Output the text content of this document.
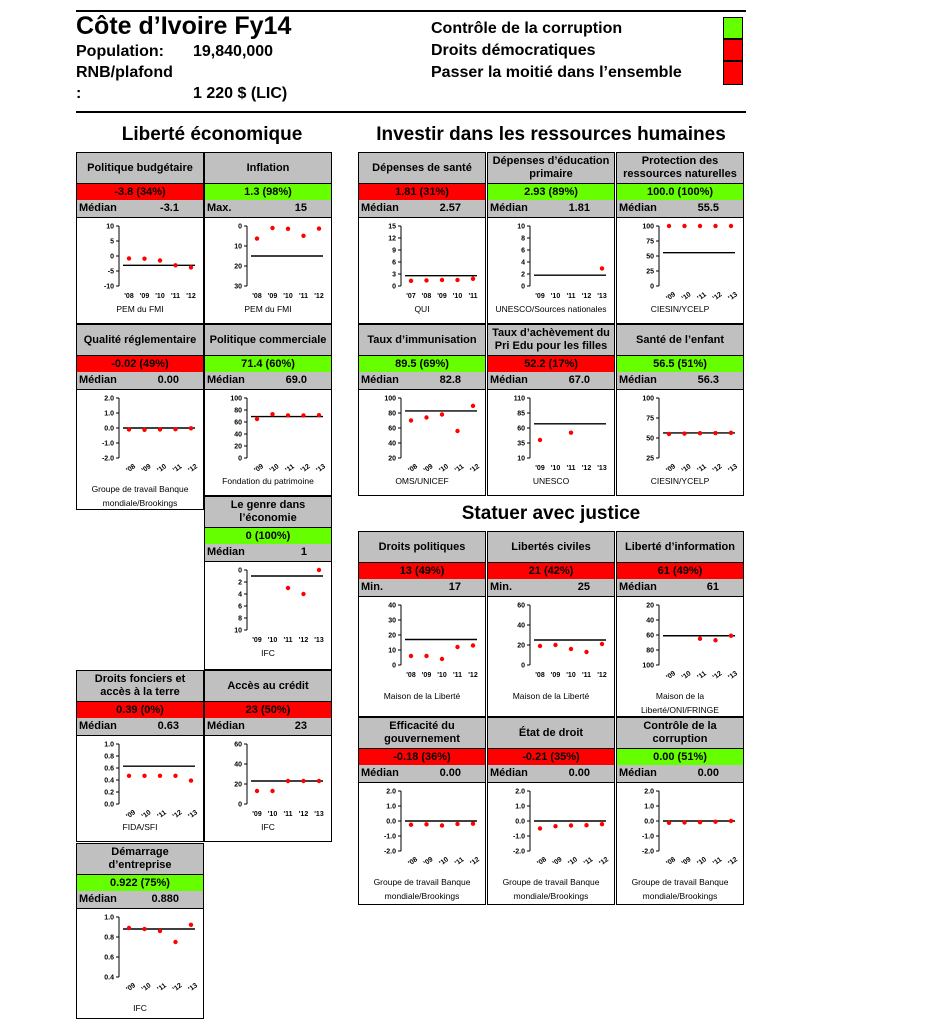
Côte d’Ivoire Fy14
Population: 19,840,000
RNB/plafond
:	1 220 $ (LIC)
Contrôle de la corruption
Droits démocratiques
Passer la moitié dans l’ensemble
Liberté économique	Investir dans les ressources humaines
Statuer avec justice
Politique budgétaire
-3.8 (34%)
Médian	-3.1
10
5
0
-5
-10
'08 '09 '10 '11 '12
PEM du FMI
Inflation
1.3 (98%)
Max.	15
0
10
20
30
'08 '09 '10 '11 '12
PEM du FMI
Qualité réglementaire
-0.02 (49%)
Médian	0.00
2.0
1.0
0.0
-1.0
-2.0
'08 '09 '10 '11 '12
Groupe de travail Banque mondiale/Brookings
Politique commerciale
71.4 (60%)
Médian	69.0
100
80
60
40
20
0
'09 '10 '11 '12 '13
Fondation du patrimoine
Le genre dans l’économie
0 (100%)
Médian	1
0
2
4
6
8
10
'09 '10 '11 '12 '13
IFC
Droits fonciers et accès à la terre
0.39 (0%)
Médian	0.63
1.0
0.8
0.6
0.4
0.2
0.0
'09 '10 '11 '12 '13
FIDA/SFI
Accès au crédit
23 (50%)
Médian	23
60
40
20
0
'09 '10 '11 '12 '13
IFC
Démarrage d’entreprise
0.922 (75%)
Médian	0.880
1.0
0.8
0.6
0.4
'09 '10 '11 '12 '13
IFC
Dépenses de santé
1.81 (31%)
Médian	2.57
15
12
9
6
3
0
'07 '08 '09 '10 '11
QUI
Dépenses d’éducation primaire
2.93 (89%)
Médian	1.81
10
8
6
4
2
0
'09 '10 '11 '12 '13
UNESCO/Sources nationales
Protection des ressources naturelles
100.0 (100%)
Médian	55.5
100
75
50
25
0
'09 '10 '11 '12 '13
CIESIN/YCELP
Taux d’immunisation
89.5 (69%)
Médian	82.8
100
80
60
40
20
'08 '09 '10 '11 '12
OMS/UNICEF
Taux d’achèvement du Pri Edu pour les filles
52.2 (17%)
Médian	67.0
110
85
60
35
10
'09 '10 '11 '12 '13
UNESCO
Santé de l’enfant
56.5 (51%)
Médian	56.3
100
75
50
25
'09 '10 '11 '12 '13
CIESIN/YCELP
Droits politiques
13 (49%)
Min.	17
40
30
20
10
0
'08 '09 '10 '11 '12
Maison de la Liberté
Libertés civiles
21 (42%)
Min.	25
60
40
20
0
'08 '09 '10 '11 '12
Maison de la Liberté
Liberté d’information
61 (49%)
Médian	61
20
40
60
80
100
'09 '10 '11 '12 '13
Maison de la Liberté/ONI/FRINGE
Efficacité du gouvernement
-0.18 (36%)
Médian	0.00
2.0
1.0
0.0
-1.0
-2.0
'08 '09 '10 '11 '12
Groupe de travail Banque mondiale/Brookings
État de droit
-0.21 (35%)
Médian	0.00
2.0
1.0
0.0
-1.0
-2.0
'08 '09 '10 '11 '12
Groupe de travail Banque mondiale/Brookings
Contrôle de la corruption
0.00 (51%)
Médian	0.00
2.0
1.0
0.0
-1.0
-2.0
'08 '09 '10 '11 '12
Groupe de travail Banque mondiale/Brookings
